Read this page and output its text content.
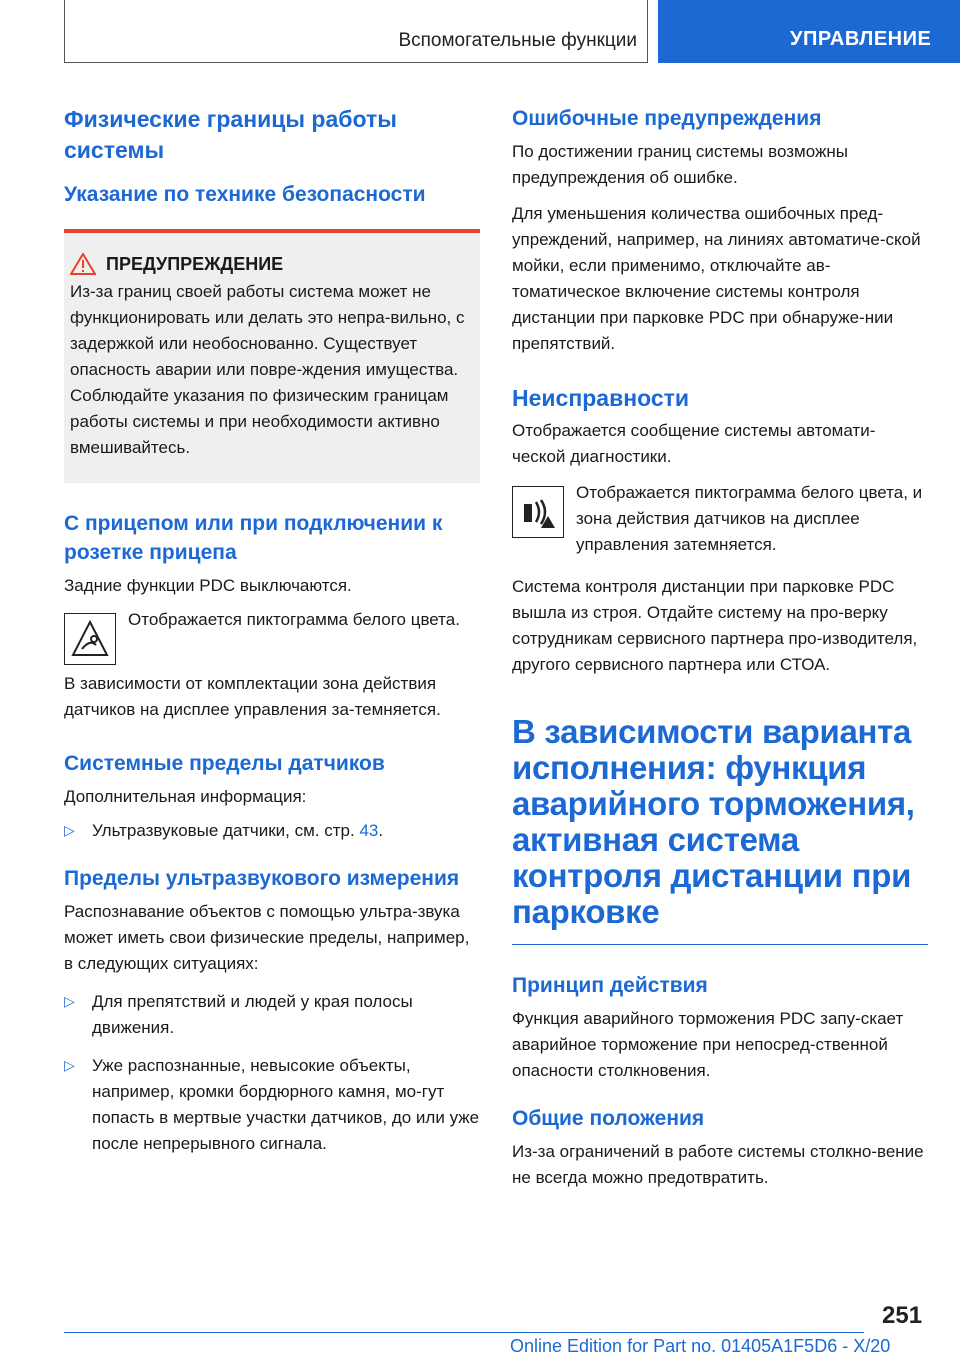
Вспомогательные функции	УПРАВЛЕНИЕ
Физические границы работы системы
Указание по технике безопасности
ПРЕДУПРЕЖДЕНИЕ

Из-за границ своей работы система может не функционировать или делать это непра-вильно, с задержкой или необоснованно. Существует опасность аварии или повре-ждения имущества. Соблюдайте указания по физическим границам работы системы и при необходимости активно вмешивайтесь.

С прицепом или при подключении к розетке прицепа

Задние функции PDC выключаются.

Отображается пиктограмма белого цвета.

В зависимости от комплектации зона действия датчиков на дисплее управления за-темняется.

Системные пределы датчиков

Дополнительная информация:

▷	Ультразвуковые датчики, см. стр. 43.

Пределы ультразвукового измерения

Распознавание объектов с помощью ультра-звука может иметь свои физические пределы, например, в следующих ситуациях:

▷	Для препятствий и людей у края полосы движения.

▷	Уже распознанные, невысокие объекты, например, кромки бордюрного камня, мо-гут попасть в мертвые участки датчиков, до или уже после непрерывного сигнала.

Ошибочные предупреждения

По достижении границ системы возможны предупреждения об ошибке.

Для уменьшения количества ошибочных пред-упреждений, например, на линиях автоматиче-ской мойки, если применимо, отключайте ав-томатическое включение системы контроля дистанции при парковке PDC при обнаруже-нии препятствий.

Неисправности

Отображается сообщение системы автомати-ческой диагностики.

Отображается пиктограмма белого цвета, и зона действия датчиков на дисплее управления затемняется.

Система контроля дистанции при парковке PDC вышла из строя. Отдайте систему на про-верку сотрудникам сервисного партнера про-изводителя, другого сервисного партнера или СТОА.

В зависимости варианта исполнения: функция аварийного торможения, активная система контроля дистанции при парковке
Принцип действия

Функция аварийного торможения PDC запу-скает аварийное торможение при непосред-ственной опасности столкновения.

Общие положения

Из-за ограничений в работе системы столкно-вение не всегда можно предотвратить.

251
Online Edition for Part no. 01405A1F5D6 - X/20
